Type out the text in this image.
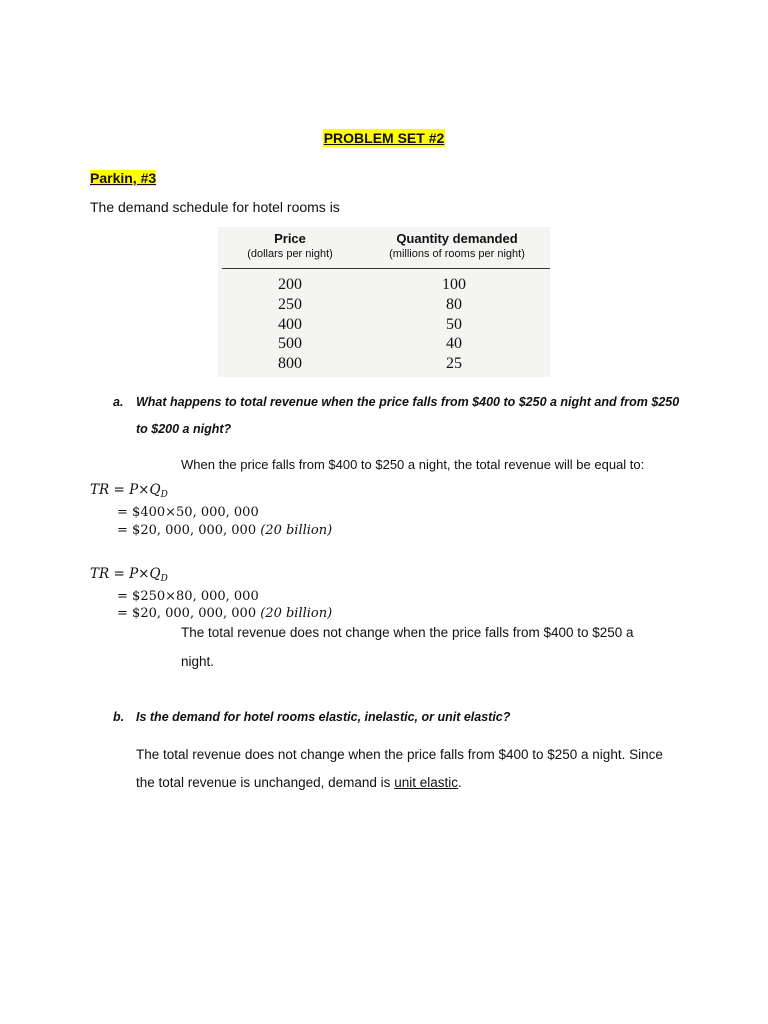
PROBLEM SET #2
Parkin, #3
The demand schedule for hotel rooms is
Price
(dollars per night)
Quantity demanded
(millions of rooms per night)
200
250
400
500
800
100
80
50
40
25
a. What happens to total revenue when the price falls from $400 to $250 a night and from $250
to $200 a night?
When the price falls from $400 to $250 a night, the total revenue will be equal to:
TR = $P\times Q_D$
= $400×50, 000, 000
= $20, 000, 000, 000 (20 billion)
TR = $P\times Q_D$
= $250×80, 000, 000
= $20, 000, 000, 000 (20 billion)
The total revenue does not change when the price falls from $400 to $250 a
night.
b. Is the demand for hotel rooms elastic, inelastic, or unit elastic?
The total revenue does not change when the price falls from $400 to $250 a night. Since
the total revenue is unchanged, demand is unit elastic.
